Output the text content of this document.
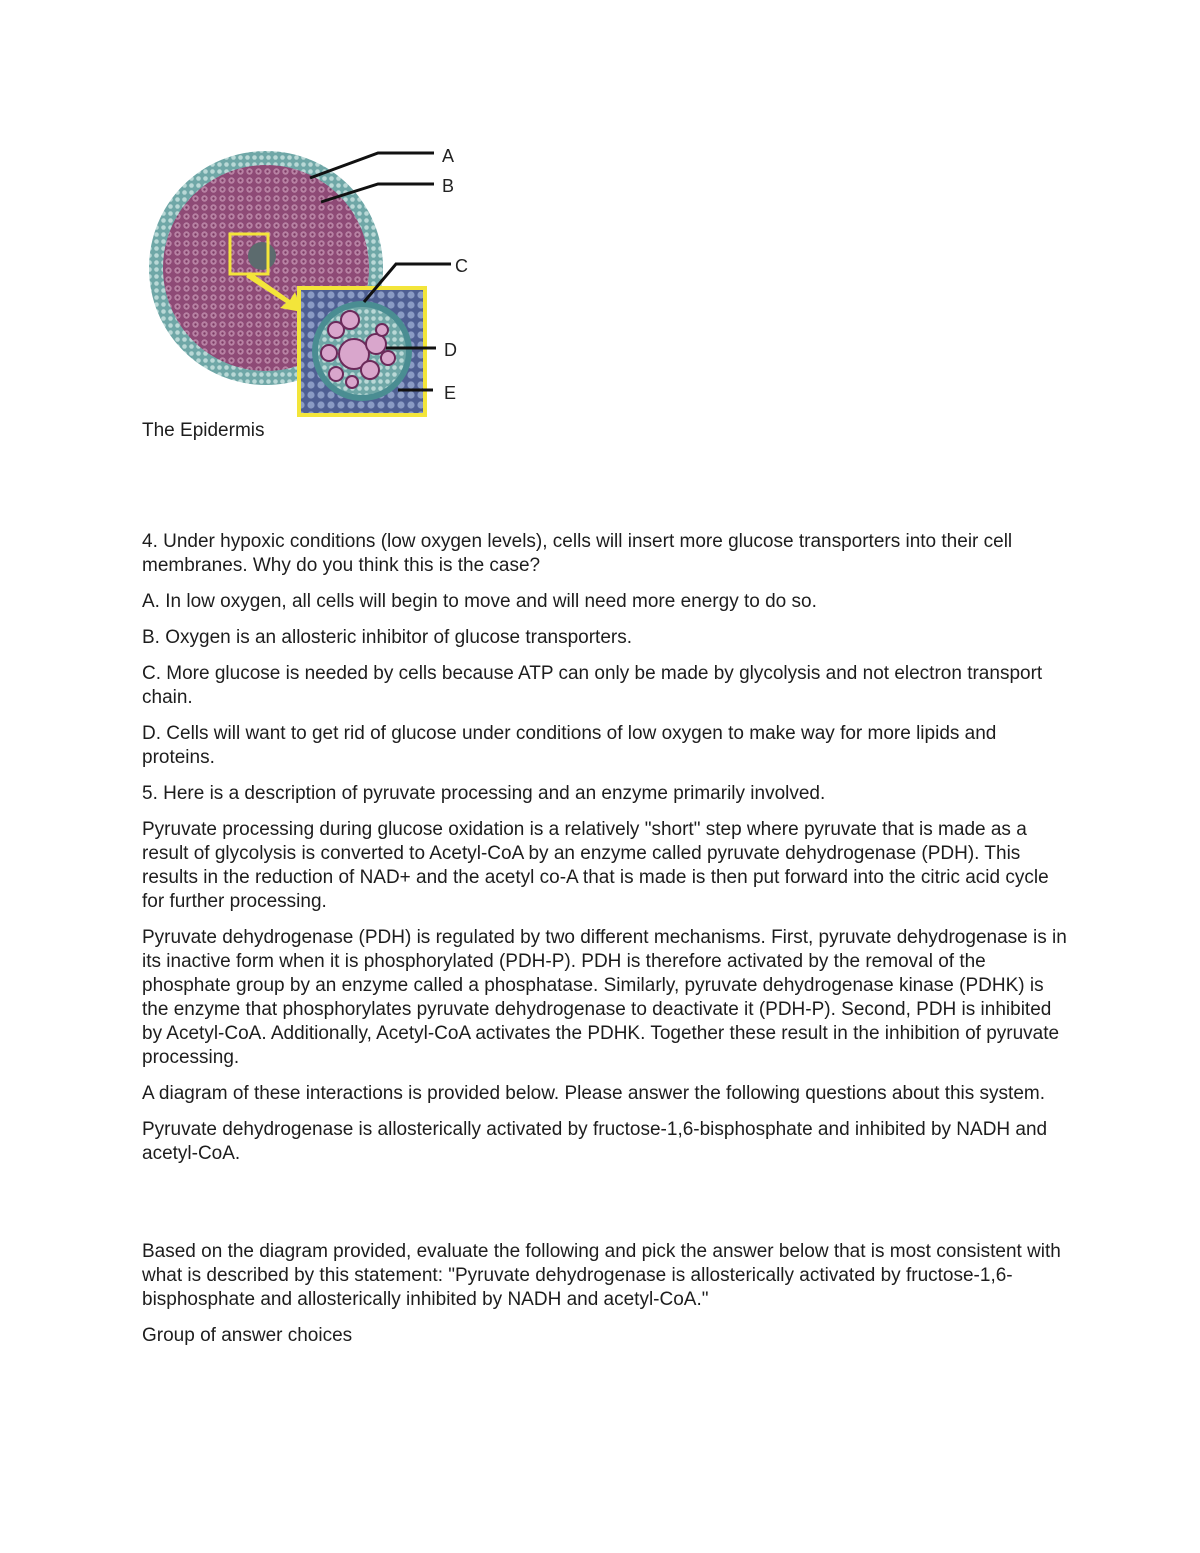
A
B
C
D
E

The Epidermis

4. Under hypoxic conditions (low oxygen levels), cells will insert more glucose transporters into their cell membranes. Why do you think this is the case?

A. In low oxygen, all cells will begin to move and will need more energy to do so.

B. Oxygen is an allosteric inhibitor of glucose transporters.

C. More glucose is needed by cells because ATP can only be made by glycolysis and not electron transport chain.

D. Cells will want to get rid of glucose under conditions of low oxygen to make way for more lipids and proteins.

5. Here is a description of pyruvate processing and an enzyme primarily involved.

Pyruvate processing during glucose oxidation is a relatively "short" step where pyruvate that is made as a result of glycolysis is converted to Acetyl-CoA by an enzyme called pyruvate dehydrogenase (PDH). This results in the reduction of NAD+ and the acetyl co-A that is made is then put forward into the citric acid cycle for further processing.

Pyruvate dehydrogenase (PDH) is regulated by two different mechanisms. First, pyruvate dehydrogenase is in its inactive form when it is phosphorylated (PDH-P). PDH is therefore activated by the removal of the phosphate group by an enzyme called a phosphatase. Similarly, pyruvate dehydrogenase kinase (PDHK) is the enzyme that phosphorylates pyruvate dehydrogenase to deactivate it (PDH-P). Second, PDH is inhibited by Acetyl-CoA. Additionally, Acetyl-CoA activates the PDHK. Together these result in the inhibition of pyruvate processing.

A diagram of these interactions is provided below. Please answer the following questions about this system.

Pyruvate dehydrogenase is allosterically activated by fructose-1,6-bisphosphate and inhibited by NADH and acetyl-CoA.

Based on the diagram provided, evaluate the following and pick the answer below that is most consistent with what is described by this statement: "Pyruvate dehydrogenase is allosterically activated by fructose-1,6-bisphosphate and allosterically inhibited by NADH and acetyl-CoA."

Group of answer choices
